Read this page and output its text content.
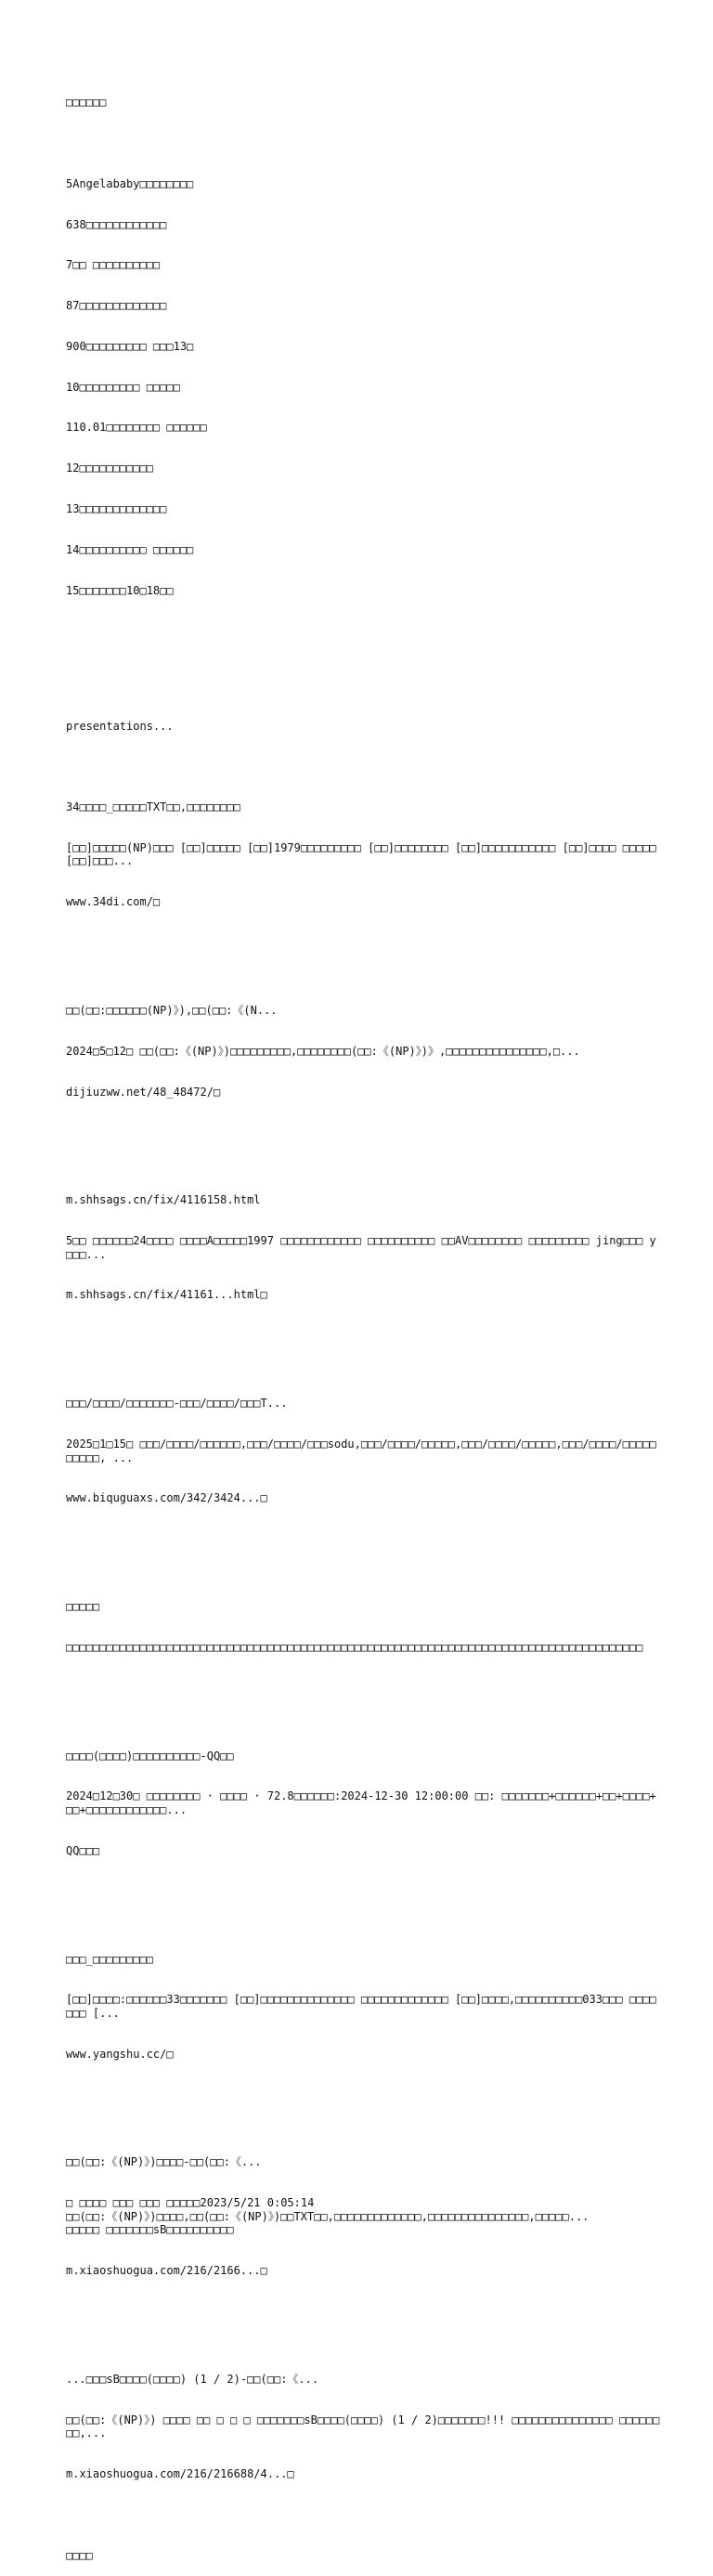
□□□□□□

5Angelababy□□□□□□□□

638□□□□□□□□□□□□

7□□ □□□□□□□□□□

87□□□□□□□□□□□□□

900□□□□□□□□□ □□□13□

10□□□□□□□□□ □□□□□

110.01□□□□□□□□ □□□□□□

12□□□□□□□□□□□

13□□□□□□□□□□□□□

14□□□□□□□□□□ □□□□□□

15□□□□□□□10□18□□

presentations...

34□□□□_□□□□□TXT□□,□□□□□□□□

[□□]□□□□□(NP)□□□ [□□]□□□□□ [□□]1979□□□□□□□□□ [□□]□□□□□□□□ [□□]□□□□□□□□□□□ [□□]□□□□ □□□□□ [□□]□□□...

www.34di.com/□

□□(□□:□□□□□□(NP)》),□□(□□:《(N...

2024□5□12□ □□(□□:《(NP)》)□□□□□□□□□,□□□□□□□□(□□:《(NP)》)》,□□□□□□□□□□□□□□□,□...

dijiuzww.net/48_48472/□

m.shhsags.cn/fix/4116158.html

5□□ □□□□□□24□□□□ □□□□A□□□□□1997 □□□□□□□□□□□□ □□□□□□□□□□ □□AV□□□□□□□□ □□□□□□□□□ jing□□□ y□□□...

m.shhsags.cn/fix/41161...html□

□□□/□□□□/□□□□□□□-□□□/□□□□/□□□T...

2025□1□15□ □□□/□□□□/□□□□□□,□□□/□□□□/□□□sodu,□□□/□□□□/□□□□□,□□□/□□□□/□□□□□,□□□/□□□□/□□□□□□□□□□, ...

www.biquguaxs.com/342/3424...□

□□□□□

□□□□□□□□□□□□□□□□□□□□□□□□□□□□□□□□□□□□□□□□□□□□□□□□□□□□□□□□□□□□□□□□□□□□□□□□□□□□□□□□□□□□□□

□□□□(□□□□)□□□□□□□□□□-QQ□□

2024□12□30□ □□□□□□□□ · □□□□ · 72.8□□□□□□:2024-12-30 12:00:00 □□: □□□□□□□+□□□□□□+□□+□□□□+□□+□□□□□□□□□□□□...

QQ□□□

□□□_□□□□□□□□□

[□□]□□□□:□□□□□□33□□□□□□□ [□□]□□□□□□□□□□□□□□ □□□□□□□□□□□□□ [□□]□□□□,□□□□□□□□□□033□□□ □□□□□□□ [...

www.yangshu.cc/□

□□(□□:《(NP)》)□□□□-□□(□□:《...

□ □□□□ □□□ □□□ □□□□□2023/5/21 0:05:14
□□(□□:《(NP)》)□□□□,□□(□□:《(NP)》)□□TXT□□,□□□□□□□□□□□□□,□□□□□□□□□□□□□□□,□□□□□...
□□□□□ □□□□□□□sB□□□□□□□□□□

m.xiaoshuogua.com/216/2166...□

...□□□sB□□□□(□□□□) (1 / 2)-□□(□□:《...

□□(□□:《(NP)》) □□□□ □□ □ □ □ □□□□□□□sB□□□□(□□□□) (1 / 2)□□□□□□□!!! □□□□□□□□□□□□□□□ □□□□□□□□,...

m.xiaoshuogua.com/216/216688/4...□

□□□□
